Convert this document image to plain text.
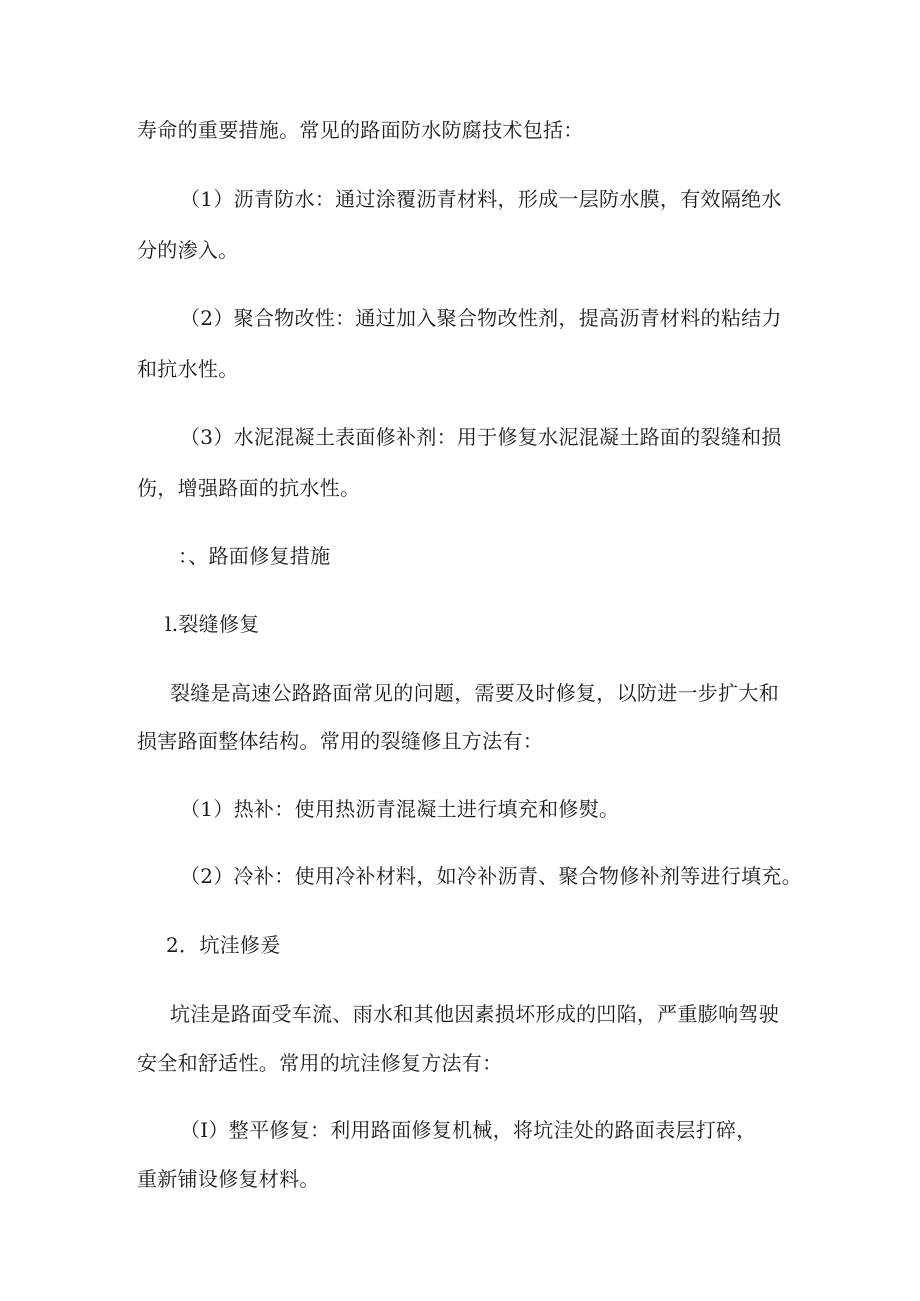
寿命的重要措施。常见的路面防水防腐技术包括：
（1）沥青防水：通过涂覆沥青材料，形成一层防水膜，有效隔绝水
分的渗入。
（2）聚合物改性：通过加入聚合物改性剂，提高沥青材料的粘结力
和抗水性。
（3）水泥混凝土表面修补剂：用于修复水泥混凝土路面的裂缝和损
伤，增强路面的抗水性。
：、路面修复措施
l.裂缝修复
裂缝是高速公路路面常见的问题，需要及时修复，以防进一步扩大和
损害路面整体结构。常用的裂缝修且方法有：
（1）热补：使用热沥青混凝土进行填充和修熨。
（2）冷补：使用冷补材料，如冷补沥青、聚合物修补剂等进行填充。
2．坑洼修爰
坑洼是路面受车流、雨水和其他因素损坏形成的凹陷，严重膨响驾驶
安全和舒适性。常用的坑洼修复方法有：
（I）整平修复：利用路面修复机械，将坑洼处的路面表层打碎，
重新铺设修复材料。
